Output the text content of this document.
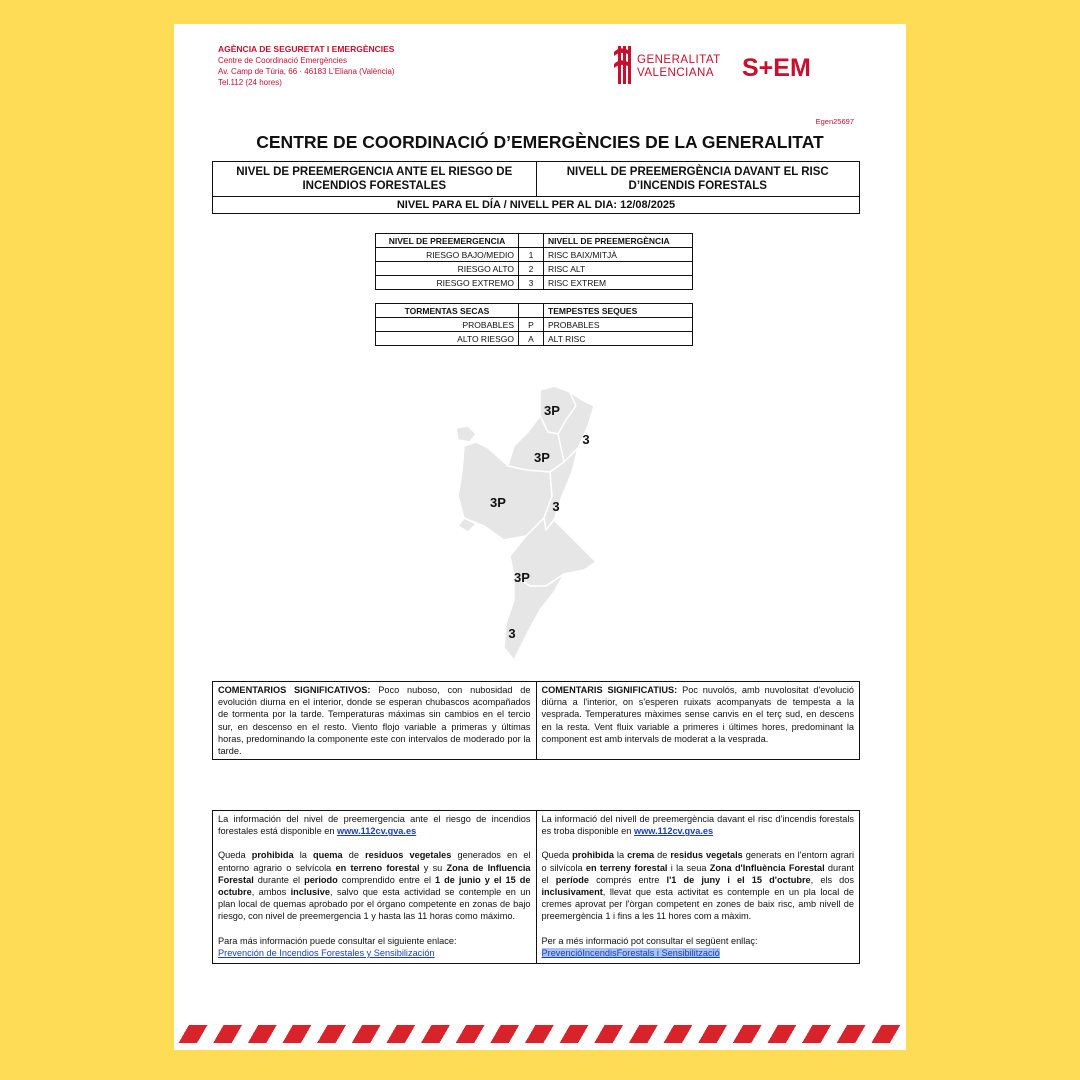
AGÈNCIA DE SEGURETAT I EMERGÈNCIES
Centre de Coordinació Emergències
Av. Camp de Túria, 66 · 46183 L'Eliana (València)
Tel.112 (24 hores)
GENERALITAT
VALENCIANA S+EM
Egen25697
CENTRE DE COORDINACIÓ D’EMERGÈNCIES DE LA GENERALITAT
NIVEL DE PREEMERGENCIA ANTE EL RIESGO DE INCENDIOS FORESTALES
NIVELL DE PREEMERGÈNCIA DAVANT EL RISC D’INCENDIS FORESTALS
NIVEL PARA EL DÍA / NIVELL PER AL DIA: 12/08/2025
NIVEL DE PREEMERGENCIA		NIVELL DE PREEMERGÈNCIA
RIESGO BAJO/MEDIO	1	RISC BAIX/MITJÀ
RIESGO ALTO	2	RISC ALT
RIESGO EXTREMO	3	RISC EXTREM
TORMENTAS SECAS		TEMPESTES SEQUES
PROBABLES	P	PROBABLES
ALTO RIESGO	A	ALT RISC
3P
3
3P
3P	3
3P
3
COMENTARIOS SIGNIFICATIVOS: Poco nuboso, con nubosidad de evolución diurna en el interior, donde se esperan chubascos acompañados de tormenta por la tarde. Temperaturas máximas sin cambios en el tercio sur, en descenso en el resto. Viento flojo variable a primeras y últimas horas, predominando la componente este con intervalos de moderado por la tarde.
COMENTARIS SIGNIFICATIUS: Poc nuvolós, amb nuvolositat d'evolució diürna a l'interior, on s'esperen ruixats acompanyats de tempesta a la vesprada. Temperatures màximes sense canvis en el terç sud, en descens en la resta. Vent fluix variable a primeres i últimes hores, predominant la component est amb intervals de moderat a la vesprada.

La información del nivel de preemergencia ante el riesgo de incendios forestales está disponible en www.112cv.gva.es

Queda prohibida la quema de residuos vegetales generados en el entorno agrario o selvícola en terreno forestal y su Zona de Influencia Forestal durante el periodo comprendido entre el 1 de junio y el 15 de octubre, ambos inclusive, salvo que esta actividad se contemple en un plan local de quemas aprobado por el órgano competente en zonas de bajo riesgo, con nivel de preemergencia 1 y hasta las 11 horas como máximo.

Para más información puede consultar el siguiente enlace:
Prevención de Incendios Forestales y Sensibilización

La informació del nivell de preemergència davant el risc d’incendis forestals es troba disponible en www.112cv.gva.es

Queda prohibida la crema de residus vegetals generats en l'entorn agrari o silvícola en terreny forestal i la seua Zona d'Influència Forestal durant el període comprés entre l'1 de juny i el 15 d'octubre, els dos inclusivament, llevat que esta activitat es contemple en un pla local de cremes aprovat per l'òrgan competent en zones de baix risc, amb nivell de preemergència 1 i fins a les 11 hores com a màxim.

Per a més informació pot consultar el següent enllaç:
PrevencióIncendisForestals i Sensibilització
